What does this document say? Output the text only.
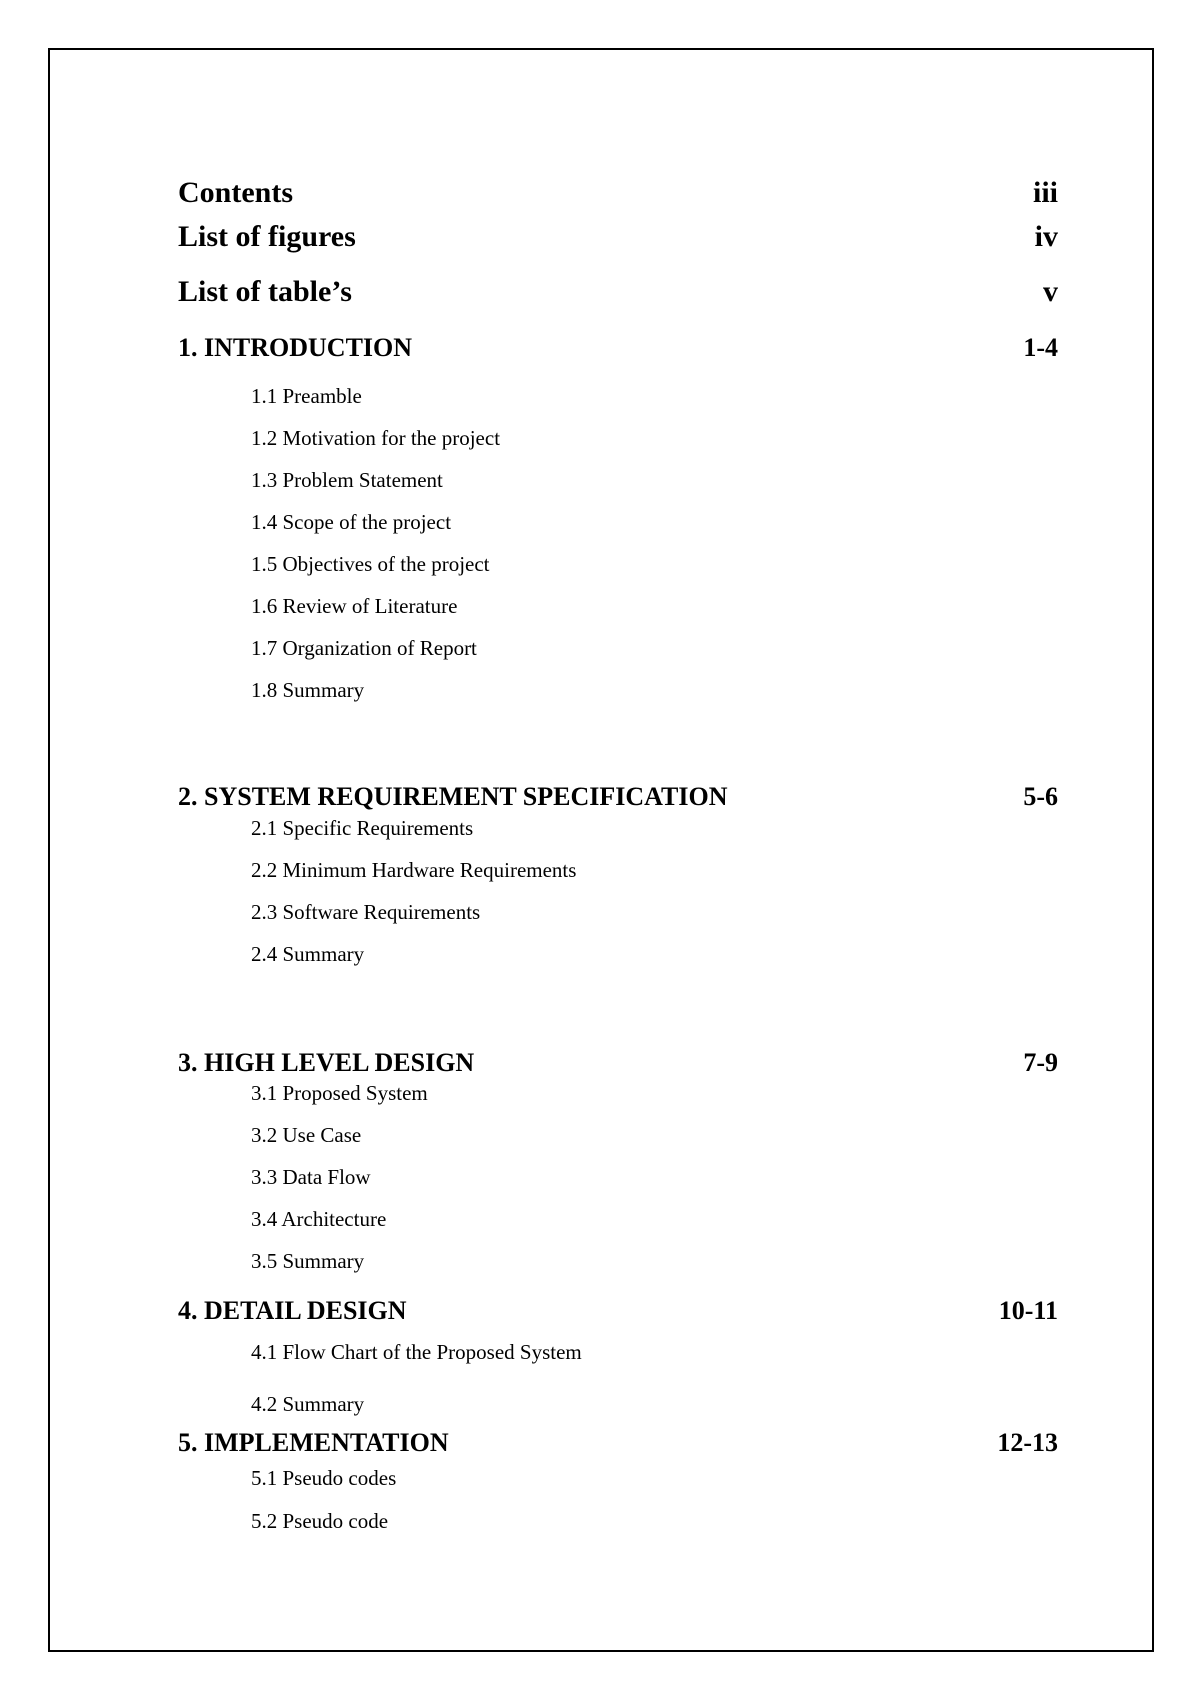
Contents	iii
List of figures	iv
List of table’s	v
1. INTRODUCTION	1-4
1.1 Preamble
1.2 Motivation for the project
1.3 Problem Statement
1.4 Scope of the project
1.5 Objectives of the project
1.6 Review of Literature
1.7 Organization of Report
1.8 Summary
2. SYSTEM REQUIREMENT SPECIFICATION	5-6
2.1 Specific Requirements
2.2 Minimum Hardware Requirements
2.3 Software Requirements
2.4 Summary
3. HIGH LEVEL DESIGN	7-9
3.1 Proposed System
3.2 Use Case
3.3 Data Flow
3.4 Architecture
3.5 Summary
4. DETAIL DESIGN	10-11
4.1 Flow Chart of the Proposed System
4.2 Summary
5. IMPLEMENTATION	12-13
5.1 Pseudo codes
5.2 Pseudo code
